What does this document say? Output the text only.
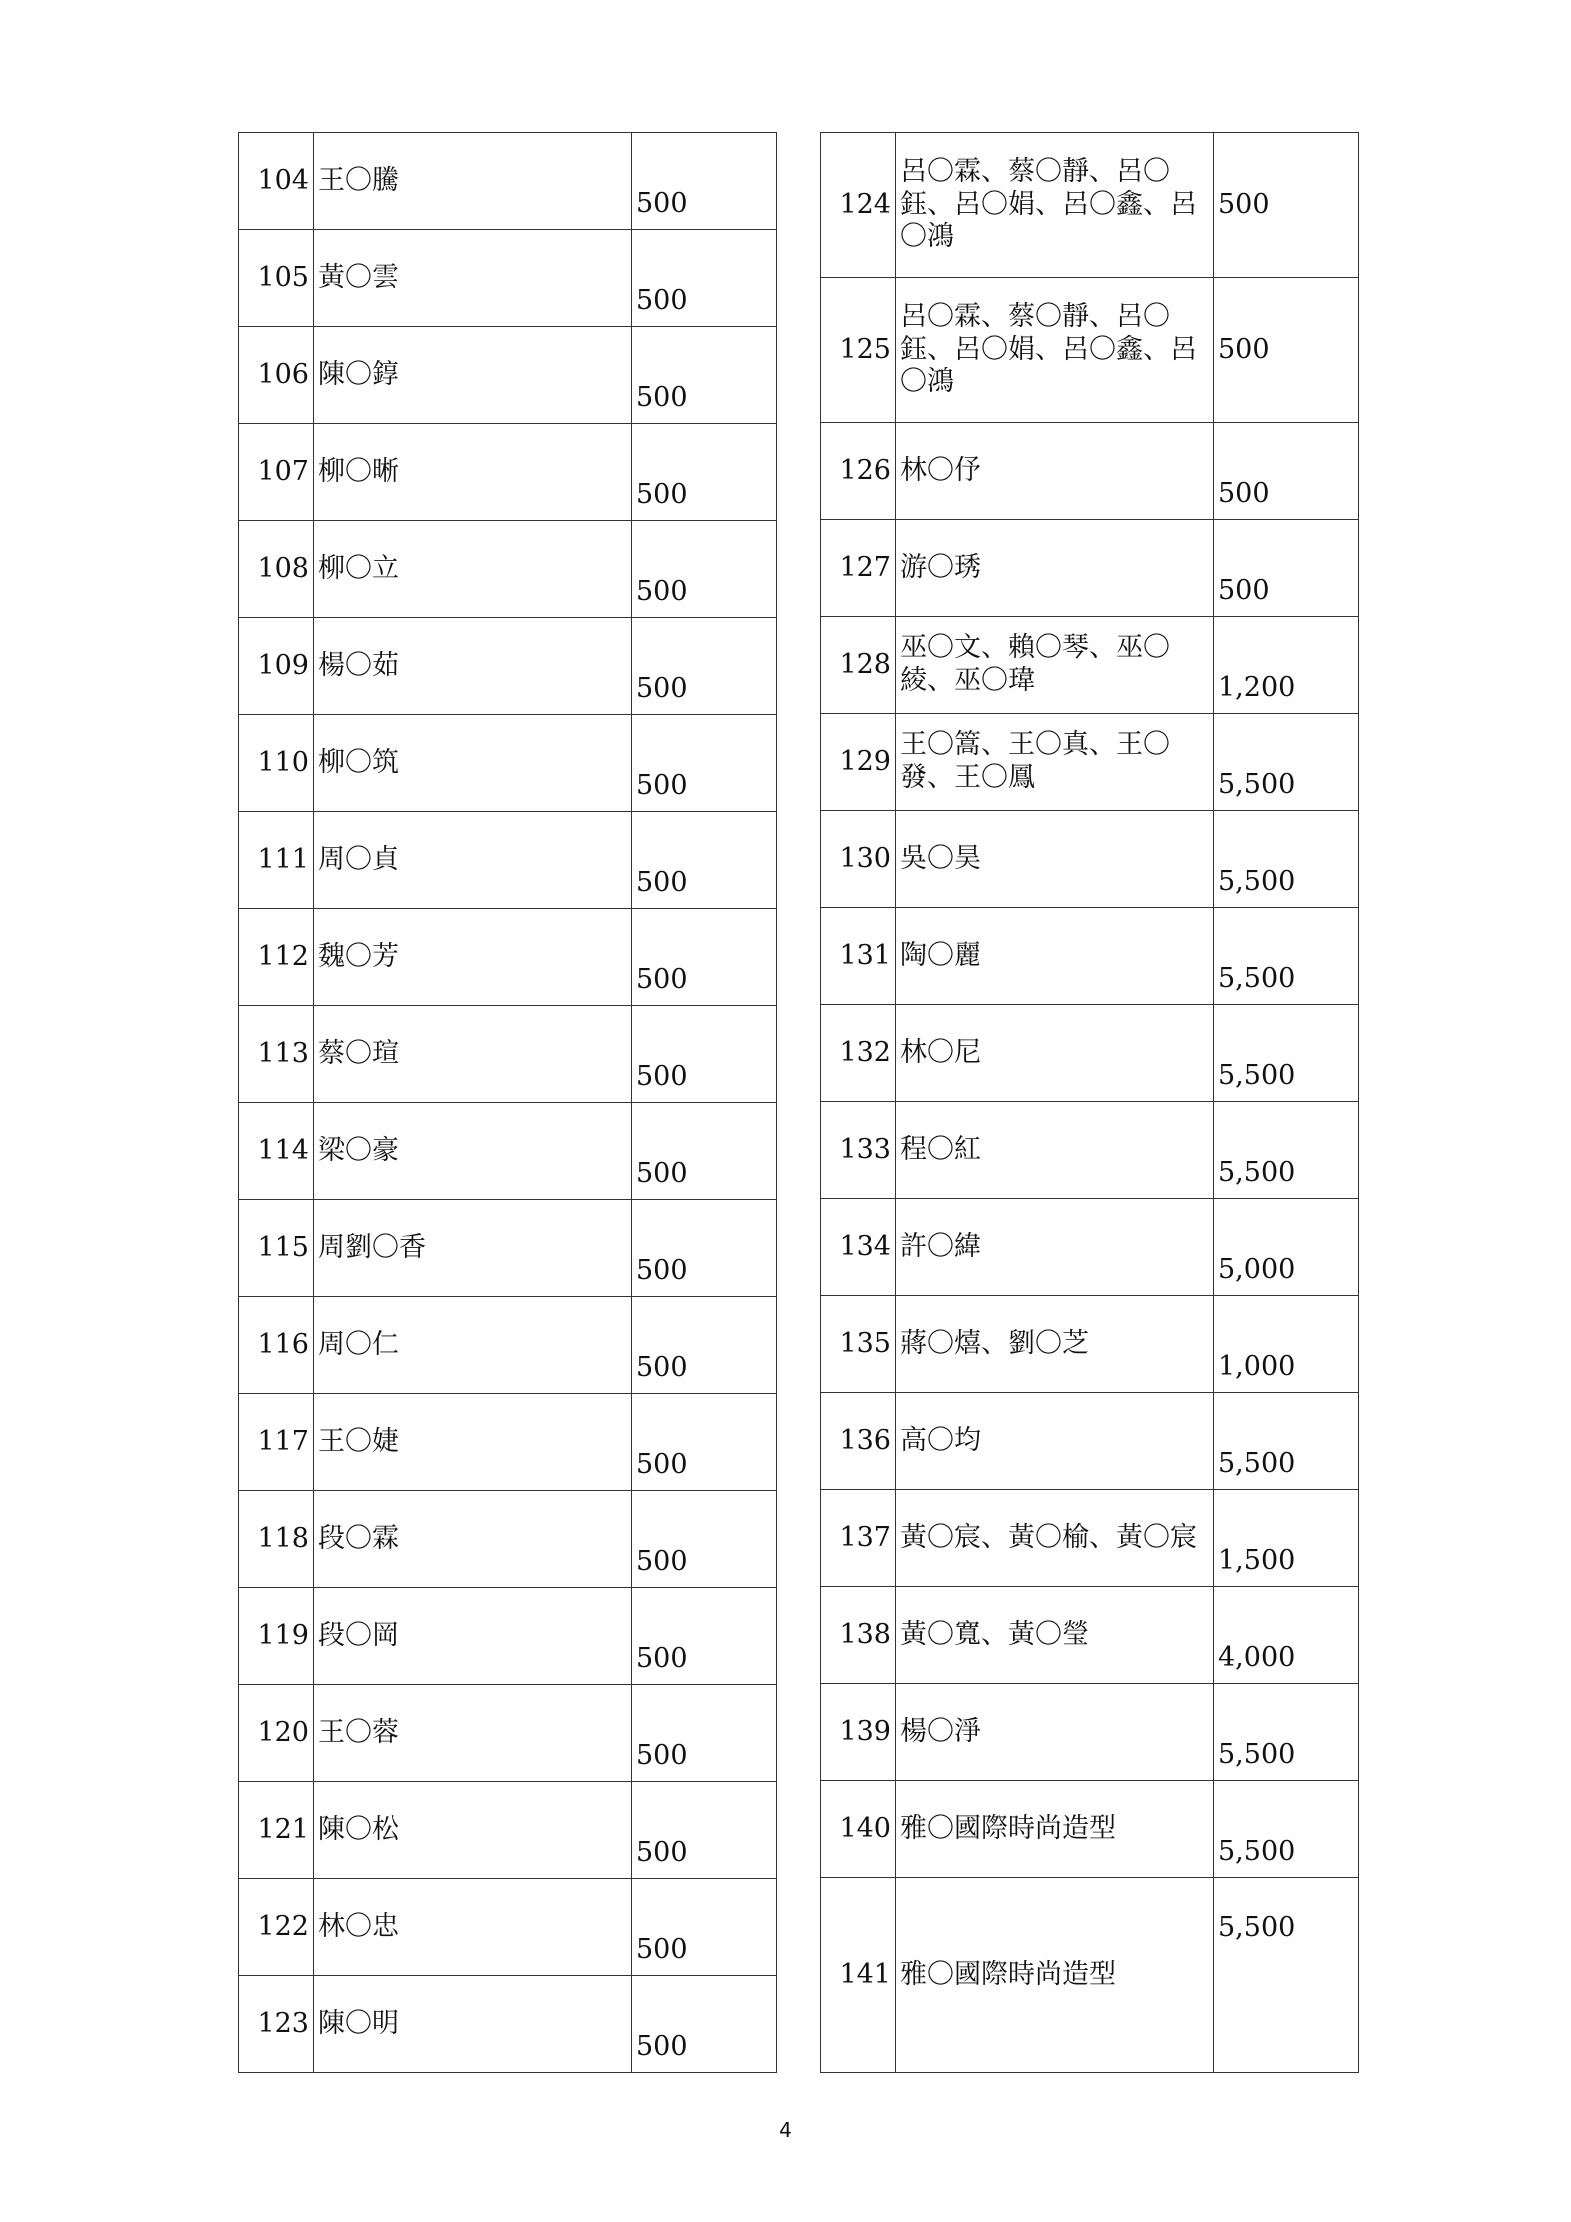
104	王〇騰	500
105	黃〇雲	500
106	陳〇錞	500
107	柳〇晰	500
108	柳〇立	500
109	楊〇茹	500
110	柳〇筑	500
111	周〇貞	500
112	魏〇芳	500
113	蔡〇瑄	500
114	梁〇豪	500
115	周劉〇香	500
116	周〇仁	500
117	王〇婕	500
118	段〇霖	500
119	段〇岡	500
120	王〇蓉	500
121	陳〇松	500
122	林〇忠	500
123	陳〇明	500
124	呂〇霖、蔡〇靜、呂〇鈺、呂〇娟、呂〇鑫、呂〇鴻	500
125	呂〇霖、蔡〇靜、呂〇鈺、呂〇娟、呂〇鑫、呂〇鴻	500
126	林〇伃	500
127	游〇琇	500
128	巫〇文、賴〇琴、巫〇綾、巫〇瑋	1,200
129	王〇篙、王〇真、王〇發、王〇鳳	5,500
130	吳〇昊	5,500
131	陶〇麗	5,500
132	林〇尼	5,500
133	程〇紅	5,500
134	許〇緯	5,000
135	蔣〇熺、劉〇芝	1,000
136	高〇均	5,500
137	黃〇宸、黃〇榆、黃〇宸	1,500
138	黃〇寬、黃〇瑩	4,000
139	楊〇淨	5,500
140	雅〇國際時尚造型	5,500
141	雅〇國際時尚造型	5,500
4
